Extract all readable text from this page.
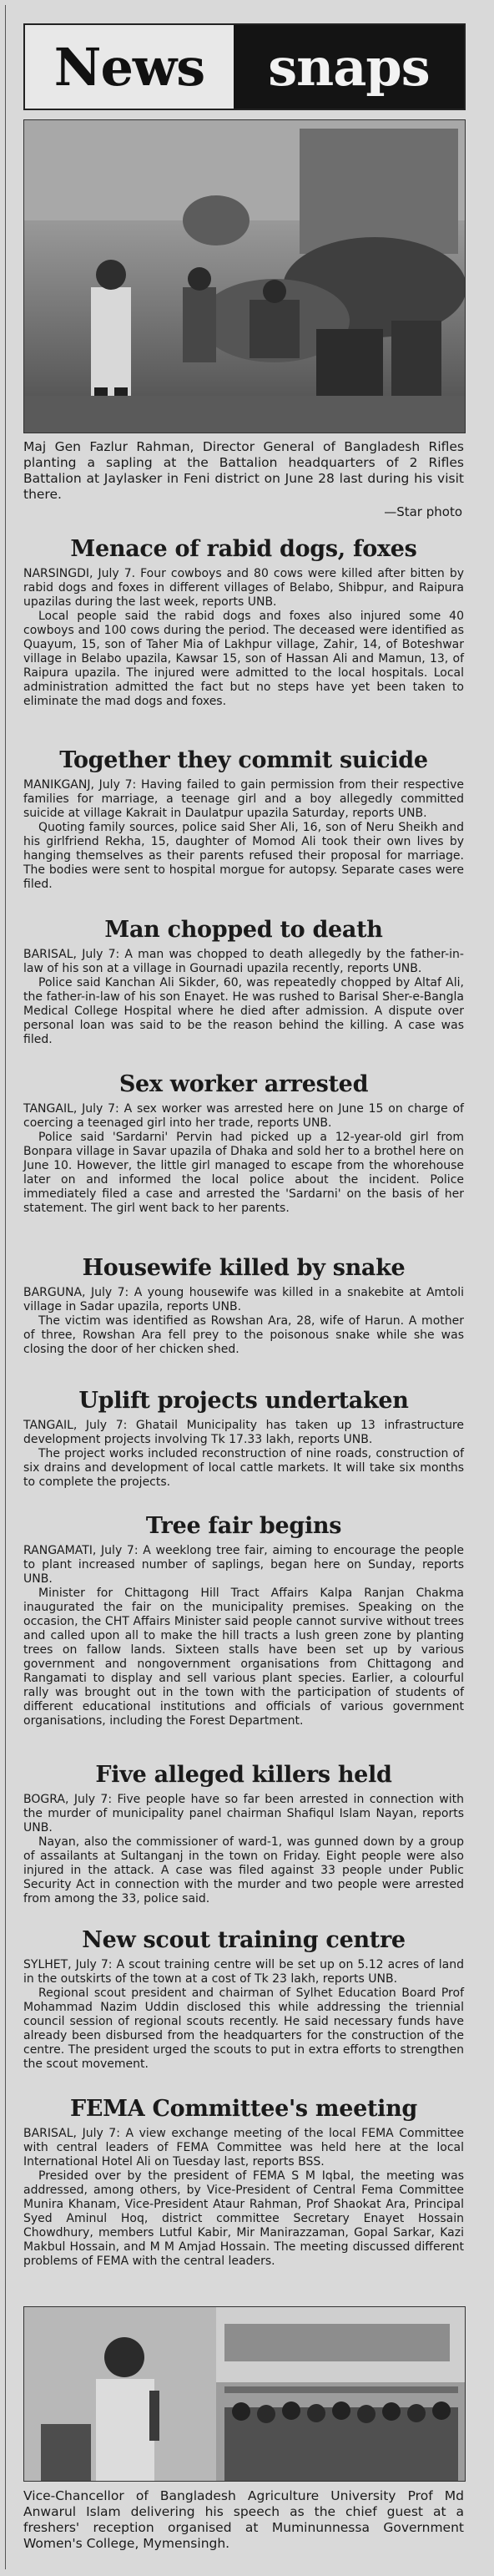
News snaps
Maj Gen Fazlur Rahman, Director General of Bangladesh Rifles planting a sapling at the Battalion headquarters of 2 Rifles Battalion at Jaylasker in Feni district on June 28 last during his visit there.
—Star photo
Menace of rabid dogs, foxes

NARSINGDI, July 7. Four cowboys and 80 cows were killed after bitten by rabid dogs and foxes in different villages of Belabo, Shibpur, and Raipura upazilas during the last week, reports UNB.

Local people said the rabid dogs and foxes also injured some 40 cowboys and 100 cows during the period. The deceased were identified as Quayum, 15, son of Taher Mia of Lakhpur village, Zahir, 14, of Boteshwar village in Belabo upazila, Kawsar 15, son of Hassan Ali and Mamun, 13, of Raipura upazila. The injured were admitted to the local hospitals. Local administration admitted the fact but no steps have yet been taken to eliminate the mad dogs and foxes.

Together they commit suicide

MANIKGANJ, July 7: Having failed to gain permission from their respective families for marriage, a teenage girl and a boy allegedly committed suicide at village Kakrait in Daulatpur upazila Saturday, reports UNB.

Quoting family sources, police said Sher Ali, 16, son of Neru Sheikh and his girlfriend Rekha, 15, daughter of Momod Ali took their own lives by hanging themselves as their parents refused their proposal for marriage. The bodies were sent to hospital morgue for autopsy. Separate cases were filed.

Man chopped to death

BARISAL, July 7: A man was chopped to death allegedly by the father-in-law of his son at a village in Gournadi upazila recently, reports UNB.

Police said Kanchan Ali Sikder, 60, was repeatedly chopped by Altaf Ali, the father-in-law of his son Enayet. He was rushed to Barisal Sher-e-Bangla Medical College Hospital where he died after admission. A dispute over personal loan was said to be the reason behind the killing. A case was filed.

Sex worker arrested

TANGAIL, July 7: A sex worker was arrested here on June 15 on charge of coercing a teenaged girl into her trade, reports UNB.

Police said 'Sardarni' Pervin had picked up a 12-year-old girl from Bonpara village in Savar upazila of Dhaka and sold her to a brothel here on June 10. However, the little girl managed to escape from the whorehouse later on and informed the local police about the incident. Police immediately filed a case and arrested the 'Sardarni' on the basis of her statement. The girl went back to her parents.

Housewife killed by snake

BARGUNA, July 7: A young housewife was killed in a snakebite at Amtoli village in Sadar upazila, reports UNB.

The victim was identified as Rowshan Ara, 28, wife of Harun. A mother of three, Rowshan Ara fell prey to the poisonous snake while she was closing the door of her chicken shed.

Uplift projects undertaken

TANGAIL, July 7: Ghatail Municipality has taken up 13 infrastructure development projects involving Tk 17.33 lakh, reports UNB.

The project works included reconstruction of nine roads, construction of six drains and development of local cattle markets. It will take six months to complete the projects.

Tree fair begins

RANGAMATI, July 7: A weeklong tree fair, aiming to encourage the people to plant increased number of saplings, began here on Sunday, reports UNB.

Minister for Chittagong Hill Tract Affairs Kalpa Ranjan Chakma inaugurated the fair on the municipality premises. Speaking on the occasion, the CHT Affairs Minister said people cannot survive without trees and called upon all to make the hill tracts a lush green zone by planting trees on fallow lands. Sixteen stalls have been set up by various government and nongovernment organisations from Chittagong and Rangamati to display and sell various plant species. Earlier, a colourful rally was brought out in the town with the participation of students of different educational institutions and officials of various government organisations, including the Forest Department.

Five alleged killers held

BOGRA, July 7: Five people have so far been arrested in connection with the murder of municipality panel chairman Shafiqul Islam Nayan, reports UNB.

Nayan, also the commissioner of ward-1, was gunned down by a group of assailants at Sultanganj in the town on Friday. Eight people were also injured in the attack. A case was filed against 33 people under Public Security Act in connection with the murder and two people were arrested from among the 33, police said.

New scout training centre

SYLHET, July 7: A scout training centre will be set up on 5.12 acres of land in the outskirts of the town at a cost of Tk 23 lakh, reports UNB.

Regional scout president and chairman of Sylhet Education Board Prof Mohammad Nazim Uddin disclosed this while addressing the triennial council session of regional scouts recently. He said necessary funds have already been disbursed from the headquarters for the construction of the centre. The president urged the scouts to put in extra efforts to strengthen the scout movement.

FEMA Committee's meeting

BARISAL, July 7: A view exchange meeting of the local FEMA Committee with central leaders of FEMA Committee was held here at the local International Hotel Ali on Tuesday last, reports BSS.

Presided over by the president of FEMA S M Iqbal, the meeting was addressed, among others, by Vice-President of Central Fema Committee Munira Khanam, Vice-President Ataur Rahman, Prof Shaokat Ara, Principal Syed Aminul Hoq, district committee Secretary Enayet Hossain Chowdhury, members Lutful Kabir, Mir Manirazzaman, Gopal Sarkar, Kazi Makbul Hossain, and M M Amjad Hossain. The meeting discussed different problems of FEMA with the central leaders.

Vice-Chancellor of Bangladesh Agriculture University Prof Md Anwarul Islam delivering his speech as the chief guest at a freshers' reception organised at Muminunnessa Government Women's College, Mymensingh.
